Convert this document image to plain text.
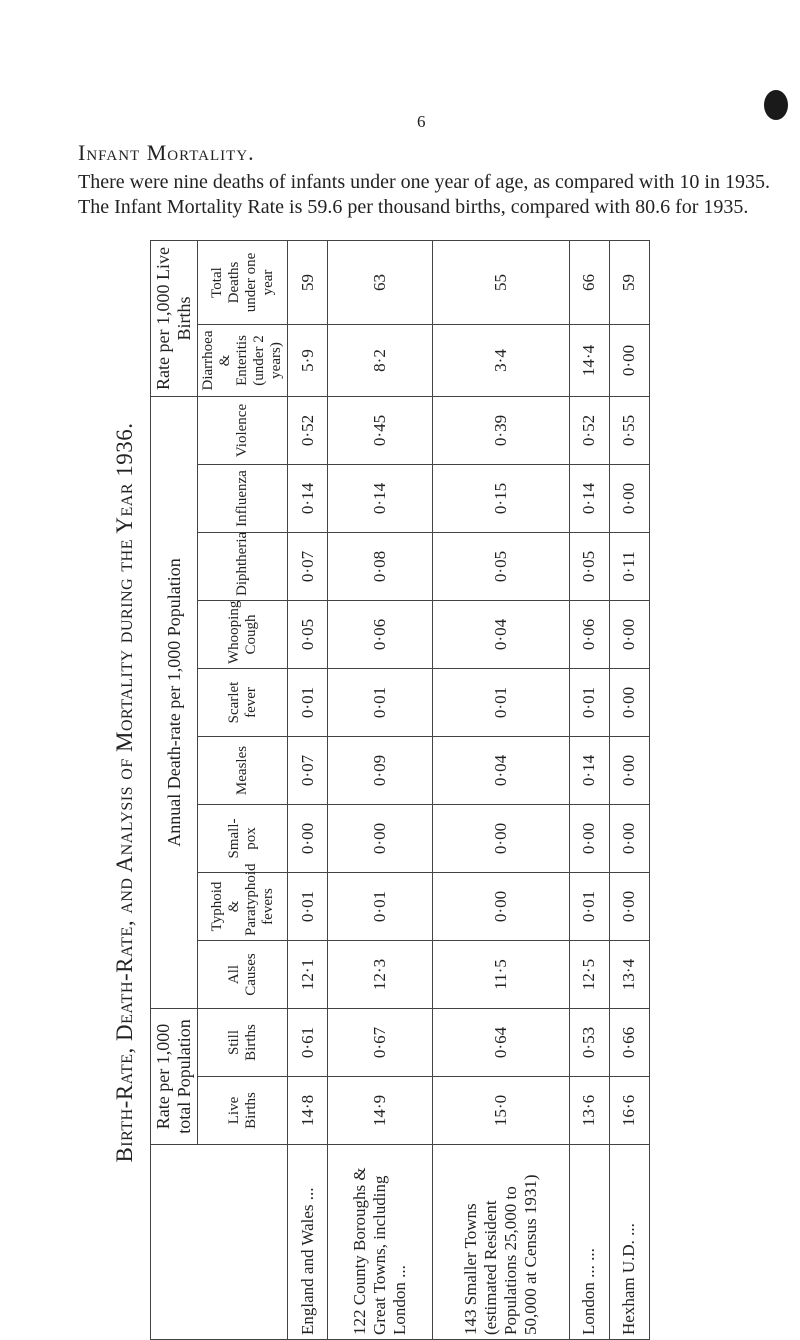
6
Infant Mortality.
There were nine deaths of infants under one year of age, as compared with 10 in 1935. The Infant Mortality Rate is 59.6 per thousand births, compared with 80.6 for 1935.
Birth-Rate, Death-Rate, and Analysis of Mortality during the Year 1936.
	Rate per 1,000 total Population		Annual Death-rate per 1,000 Population									Rate per 1,000 Live Births	
	Live Births	Still Births	All Causes	Typhoid & Paratyphoid fevers	Small-pox	Measles	Scarlet fever	Whooping Cough	Diphtheria	Influenza	Violence	Diarrhoea & Enteritis (under 2 years)	Total Deaths under one year
England and Wales ...	14·8	0·61	12·1	0·01	0·00	0·07	0·01	0·05	0·07	0·14	0·52	5·9	59
122 County Boroughs & Great Towns, including London ...	14·9	0·67	12·3	0·01	0·00	0·09	0·01	0·06	0·08	0·14	0·45	8·2	63
143 Smaller Towns (estimated Resident Populations 25,000 to 50,000 at Census 1931)	15·0	0·64	11·5	0·00	0·00	0·04	0·01	0·04	0·05	0·15	0·39	3·4	55
London ... ...	13·6	0·53	12·5	0·01	0·00	0·14	0·01	0·06	0·05	0·14	0·52	14·4	66
Hexham U.D. ...	16·6	0·66	13·4	0·00	0·00	0·00	0·00	0·00	0·11	0·00	0·55	0·00	59
